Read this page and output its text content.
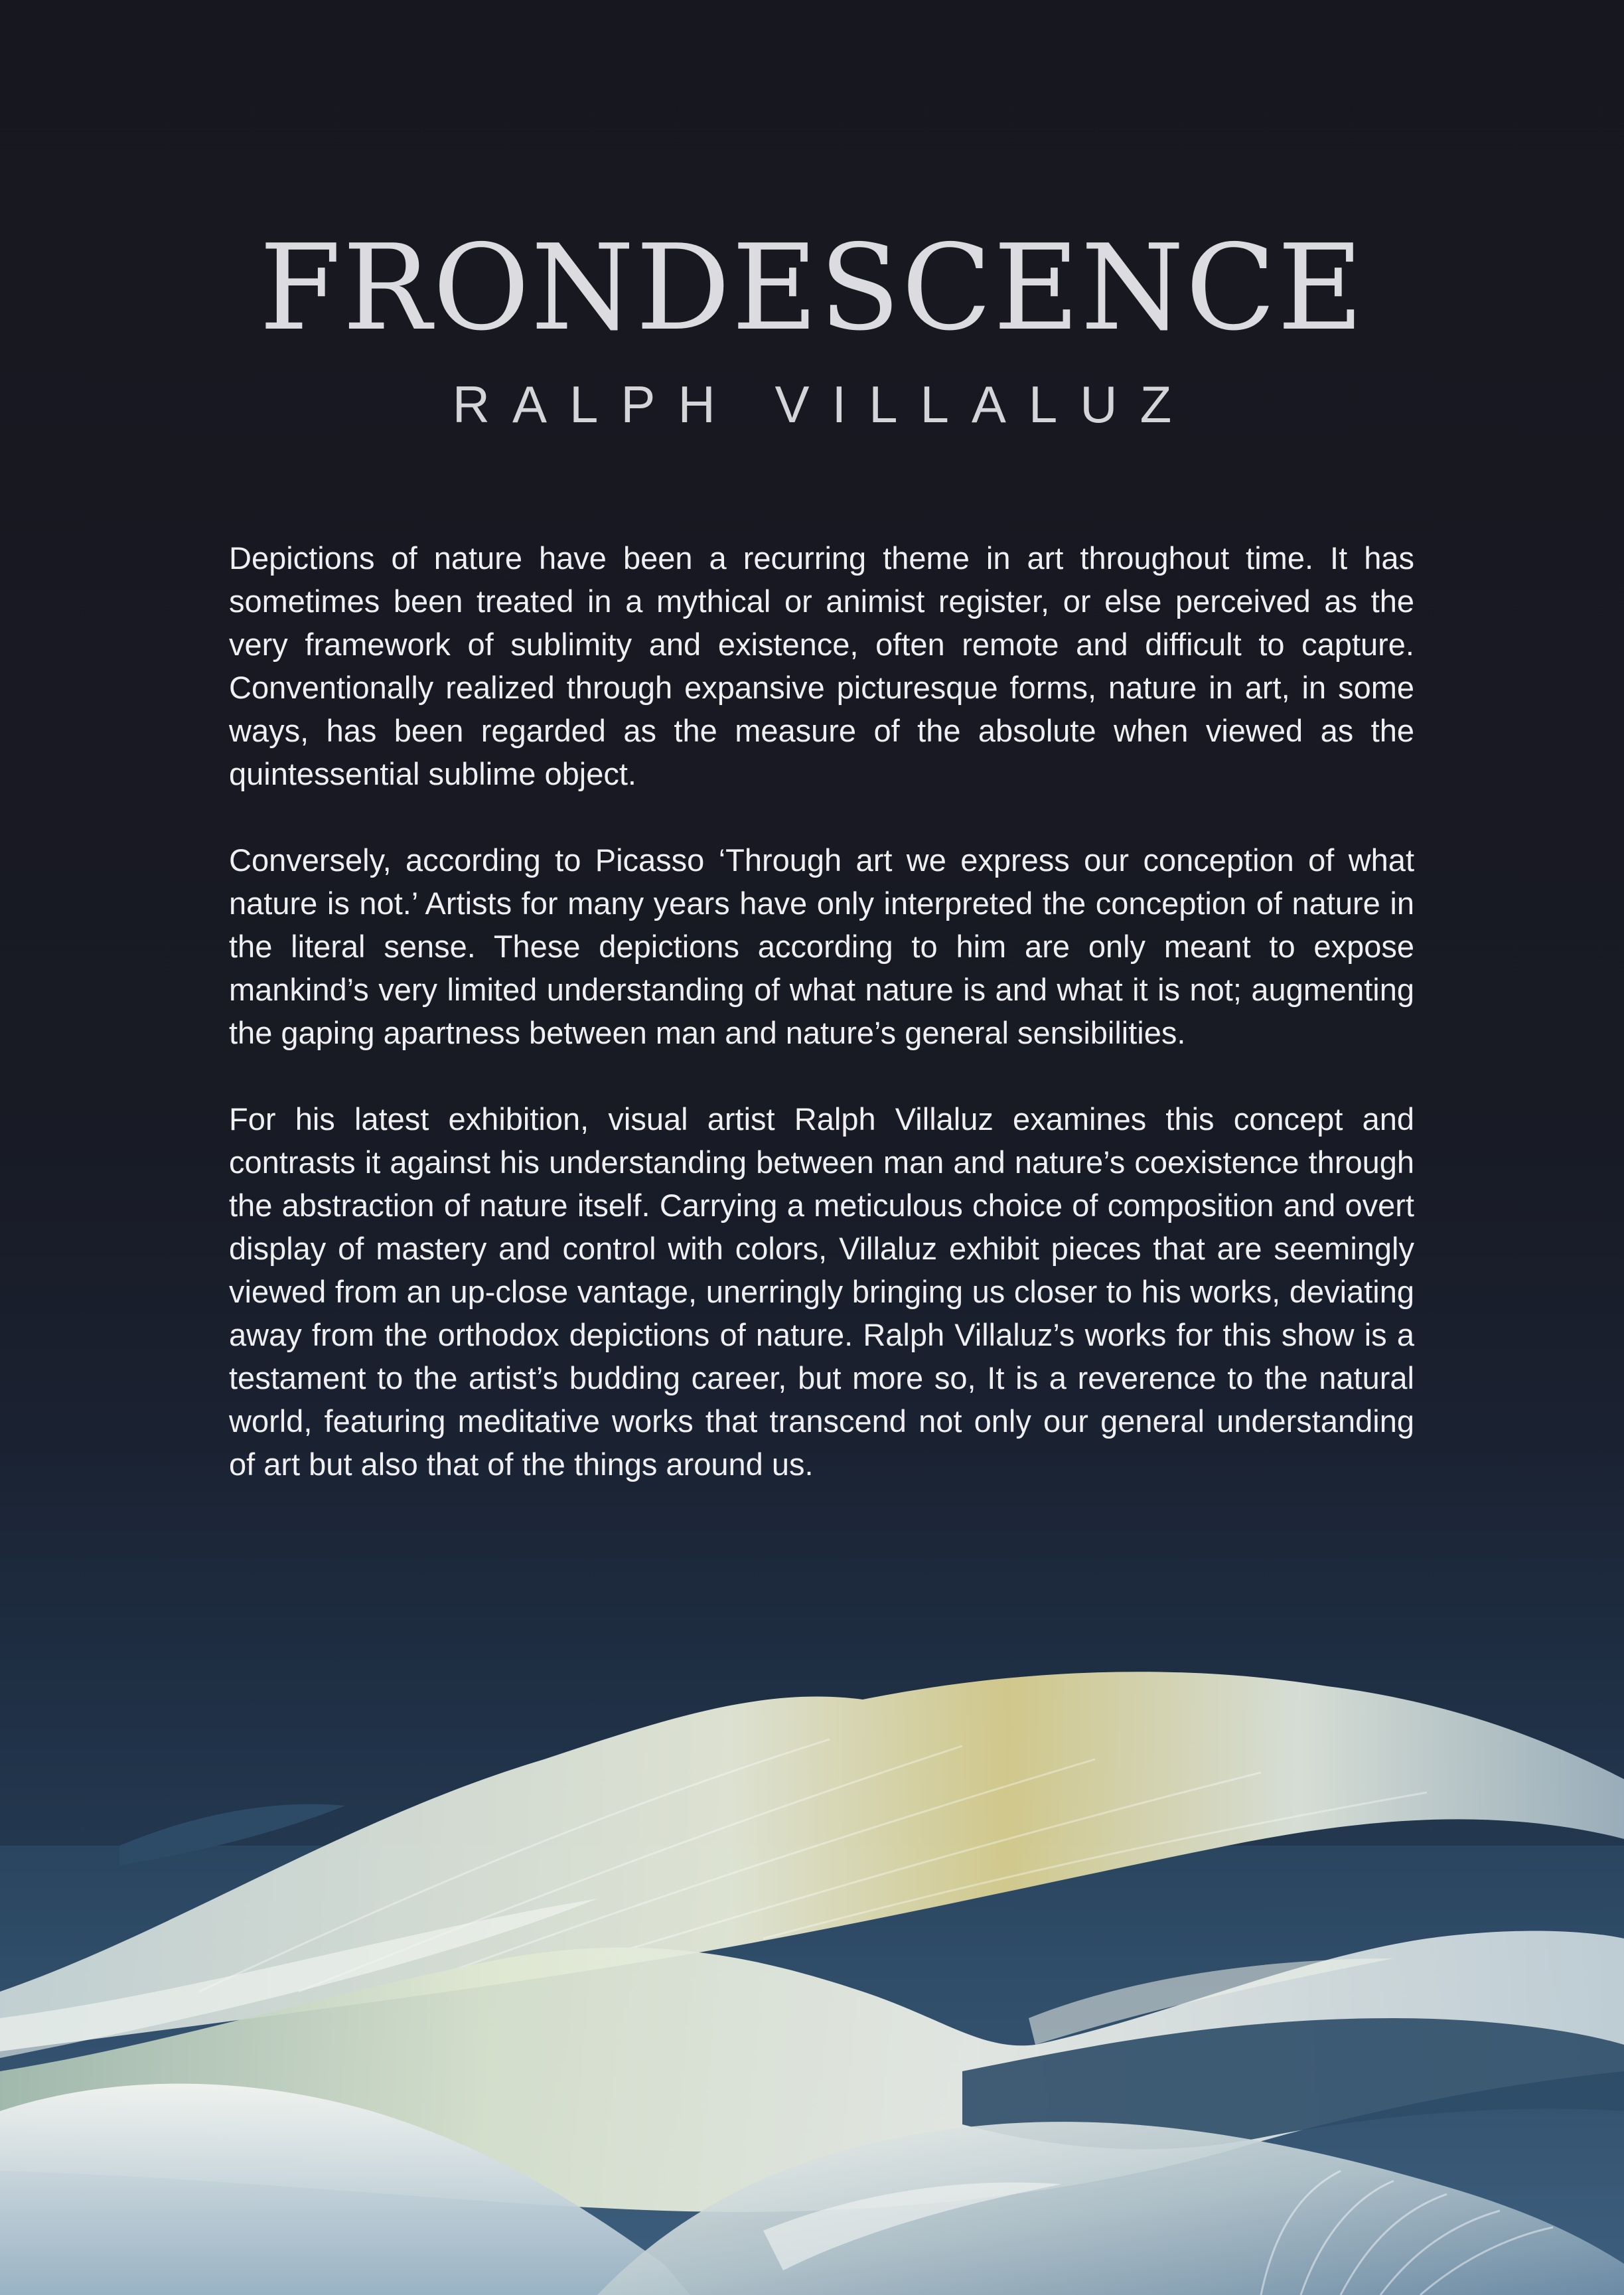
FRONDESCENCE
RALPH VILLALUZ

Depictions of nature have been a recurring theme in art throughout time. It has sometimes been treated in a mythical or animist register, or else perceived as the very framework of sublimity and existence, often remote and difficult to capture. Conventionally realized through expansive picturesque forms, nature in art, in some ways, has been regarded as the measure of the absolute when viewed as the quintessential sublime object.

Conversely, according to Picasso ‘Through art we express our conception of what nature is not.’ Artists for many years have only interpreted the conception of nature in the literal sense. These depictions according to him are only meant to expose mankind’s very limited understanding of what nature is and what it is not; augmenting the gaping apartness between man and nature’s general sensibilities.

For his latest exhibition, visual artist Ralph Villaluz examines this concept and contrasts it against his understanding between man and nature’s coexistence through the abstraction of nature itself. Carrying a meticulous choice of composition and overt display of mastery and control with colors, Villaluz exhibit pieces that are seemingly viewed from an up-close vantage, unerringly bringing us closer to his works, deviating away from the orthodox depictions of nature. Ralph Villaluz’s works for this show is a testament to the artist’s budding career, but more so, It is a reverence to the natural world, featuring meditative works that transcend not only our general understanding of art but also that of the things around us.
